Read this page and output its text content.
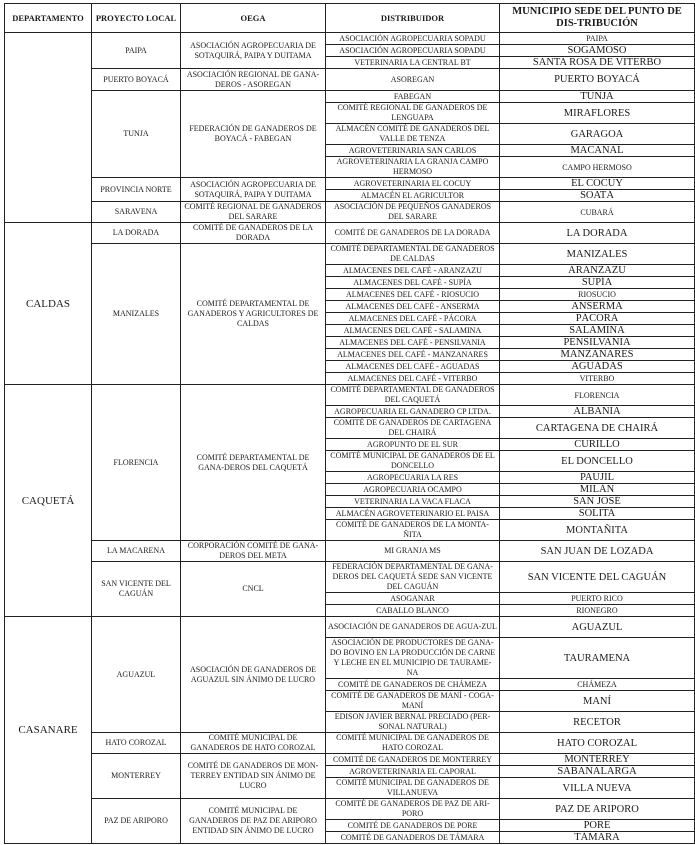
DEPARTAMENTO	PROYECTO LOCAL	OEGA	DISTRIBUIDOR	MUNICIPIO SEDE DEL PUNTO DE DIS-TRIBUCIÓN
	PAIPA	ASOCIACIÓN AGROPECUARIA DE SOTAQUIRÁ, PAIPA Y DUITAMA	ASOCIACIÓN AGROPECUARIA SOPADU	PAIPA
			ASOCIACIÓN AGROPECUARIA SOPADU	SOGAMOSO
			VETERINARIA LA CENTRAL BT	SANTA ROSA DE VITERBO
	PUERTO BOYACÁ	ASOCIACIÓN REGIONAL DE GANA-DEROS - ASOREGAN	ASOREGAN	PUERTO BOYACÁ
	TUNJA	FEDERACIÓN DE GANADEROS DE BOYACÁ - FABEGAN	FABEGAN	TUNJA
			COMITÉ REGIONAL DE GANADEROS DE LENGUAPA	MIRAFLORES
			ALMACÉN COMITÉ DE GANADEROS DEL VALLE DE TENZA	GARAGOA
			AGROVETERINARIA SAN CARLOS	MACANAL
			AGROVETERINARIA LA GRANJA CAMPO HERMOSO	CAMPO HERMOSO
	PROVINCIA NORTE	ASOCIACIÓN AGROPECUARIA DE SOTAQUIRÁ, PAIPA Y DUITAMA	AGROVETERINARIA EL COCUY	EL COCUY
			ALMACÉN EL AGRICULTOR	SOATÁ
	SARAVENA	COMITÉ REGIONAL DE GANADEROS DEL SARARE	ASOCIACIÓN DE PEQUEÑOS GANADEROS DEL SARARE	CUBARÁ
CALDAS	LA DORADA	COMITÉ DE GANADEROS DE LA DORADA	COMITÉ DE GANADEROS DE LA DORADA	LA DORADA
	MANIZALES	COMITÉ DEPARTAMENTAL DE GANADEROS Y AGRICULTORES DE CALDAS	COMITÉ DEPARTAMENTAL DE GANADEROS DE CALDAS	MANIZALES
			ALMACENES DEL CAFÉ - ARANZAZU	ARANZAZU
			ALMACENES DEL CAFÉ - SUPÍA	SUPÍA
			ALMACENES DEL CAFÉ - RIOSUCIO	RIOSUCIO
			ALMACENES DEL CAFÉ - ANSERMA	ANSERMA
			ALMACENES DEL CAFÉ - PÁCORA	PÁCORA
			ALMACENES DEL CAFÉ - SALAMINA	SALAMINA
			ALMACENES DEL CAFÉ - PENSILVANIA	PENSILVANIA
			ALMACENES DEL CAFÉ - MANZANARES	MANZANARES
			ALMACENES DEL CAFÉ - AGUADAS	AGUADAS
			ALMACENES DEL CAFÉ - VITERBO	VITERBO
CAQUETÁ	FLORENCIA	COMITÉ DEPARTAMENTAL DE GANA-DEROS DEL CAQUETÁ	COMITÉ DEPARTAMENTAL DE GANADEROS DEL CAQUETÁ	FLORENCIA
			AGROPECUARIA EL GANADERO CP LTDA.	ALBANIA
			COMITÉ DE GANADEROS DE CARTAGENA DEL CHAIRÁ	CARTAGENA DE CHAIRÁ
			AGROPUNTO DE EL SUR	CURILLO
			COMITÉ MUNICIPAL DE GANADEROS DE EL DONCELLO	EL DONCELLO
			AGROPECUARIA LA RES	PAUJIL
			AGROPECUARIA OCAMPO	MILÁN
			VETERINARIA LA VACA FLACA	SAN JOSÉ
			ALMACÉN AGROVETERINARIO EL PAISA	SOLITA
			COMITÉ DE GANADEROS DE LA MONTA-ÑITA	MONTAÑITA
	LA MACARENA	CORPORACIÓN COMITÉ DE GANA-DEROS DEL META	MI GRANJA MS	SAN JUAN DE LOZADA
	SAN VICENTE DEL CAGUÁN	CNCL	FEDERACIÓN DEPARTAMENTAL DE GANA-DEROS DEL CAQUETÁ SEDE SAN VICENTE DEL CAGUÁN	SAN VICENTE DEL CAGUÁN
			ASOGANAR	PUERTO RICO
			CABALLO BLANCO	RIONEGRO
CASANARE	AGUAZUL	ASOCIACIÓN DE GANADEROS DE AGUAZUL SIN ÁNIMO DE LUCRO	ASOCIACIÓN DE GANADEROS DE AGUA-ZUL	AGUAZUL
			ASOCIACIÓN DE PRODUCTORES DE GANA-DO BOVINO EN LA PRODUCCIÓN DE CARNE Y LECHE EN EL MUNICIPIO DE TAURAME-NA	TAURAMENA
			COMITÉ DE GANADEROS DE CHÁMEZA	CHÁMEZA
			COMITÉ DE GANADEROS DE MANÍ - COGA-MANÍ	MANÍ
			EDISON JAVIER BERNAL PRECIADO (PER-SONAL NATURAL)	RECETOR
	HATO COROZAL	COMITÉ MUNICIPAL DE GANADEROS DE HATO COROZAL	COMITÉ MUNICIPAL DE GANADEROS DE HATO COROZAL	HATO COROZAL
	MONTERREY	COMITÉ DE GANADEROS DE MON-TERREY ENTIDAD SIN ÁNIMO DE LUCRO	COMITÉ DE GANADEROS DE MONTERREY	MONTERREY
			AGROVETERINARIA EL CAPORAL	SABANALARGA
			COMITÉ MUNICIPAL DE GANADEROS DE VILLANUEVA	VILLA NUEVA
	PAZ DE ARIPORO	COMITÉ MUNICIPAL DE GANADEROS DE PAZ DE ARIPORO ENTIDAD SIN ÁNIMO DE LUCRO	COMITÉ DE GANADEROS DE PAZ DE ARI-PORO	PAZ DE ARIPORO
			COMITÉ DE GANADEROS DE PORE	PORE
			COMITÉ DE GANADEROS DE TÁMARA	TÁMARA
